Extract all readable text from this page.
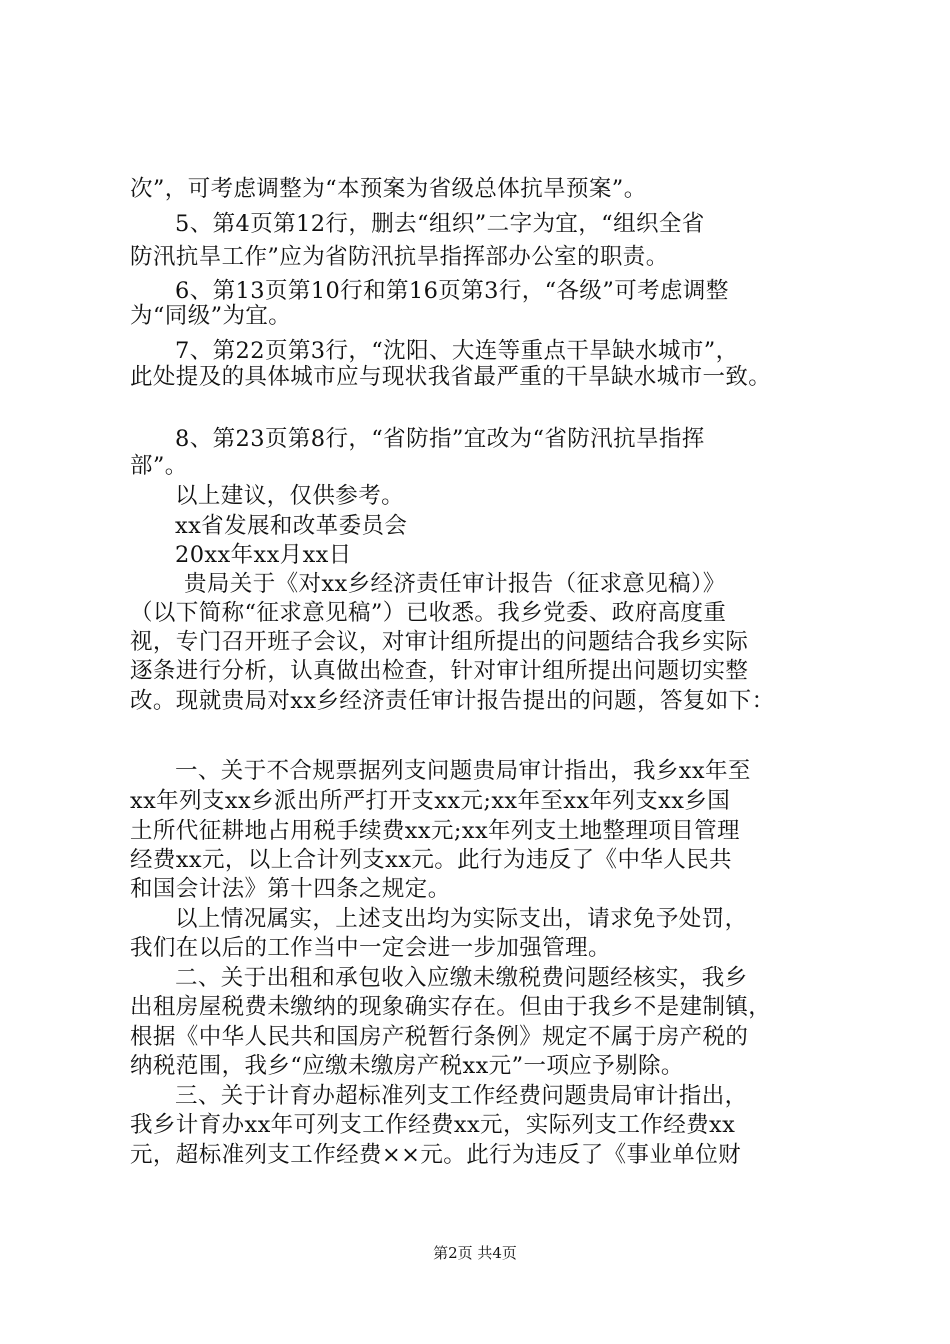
次”，可考虑调整为“本预案为省级总体抗旱预案”。
5、第4页第12行，删去“组织”二字为宜，“组织全省
防汛抗旱工作”应为省防汛抗旱指挥部办公室的职责。
6、第13页第10行和第16页第3行，“各级”可考虑调整
为“同级”为宜。
7、第22页第3行，“沈阳、大连等重点干旱缺水城市”，
此处提及的具体城市应与现状我省最严重的干旱缺水城市一致。
8、第23页第8行，“省防指”宜改为“省防汛抗旱指挥
部”。
以上建议，仅供参考。
xx省发展和改革委员会
20xx年xx月xx日
贵局关于《对xx乡经济责任审计报告（征求意见稿）》
（以下简称“征求意见稿”）已收悉。我乡党委、政府高度重
视，专门召开班子会议，对审计组所提出的问题结合我乡实际
逐条进行分析，认真做出检查，针对审计组所提出问题切实整
改。现就贵局对xx乡经济责任审计报告提出的问题，答复如下：
一、关于不合规票据列支问题贵局审计指出，我乡xx年至
xx年列支xx乡派出所严打开支xx元;xx年至xx年列支xx乡国
土所代征耕地占用税手续费xx元;xx年列支土地整理项目管理
经费xx元，以上合计列支xx元。此行为违反了《中华人民共
和国会计法》第十四条之规定。
以上情况属实，上述支出均为实际支出，请求免予处罚，
我们在以后的工作当中一定会进一步加强管理。
二、关于出租和承包收入应缴未缴税费问题经核实，我乡
出租房屋税费未缴纳的现象确实存在。但由于我乡不是建制镇，
根据《中华人民共和国房产税暂行条例》规定不属于房产税的
纳税范围，我乡“应缴未缴房产税xx元”一项应予剔除。
三、关于计育办超标准列支工作经费问题贵局审计指出，
我乡计育办xx年可列支工作经费xx元，实际列支工作经费xx
元，超标准列支工作经费××元。此行为违反了《事业单位财
第2页 共4页
